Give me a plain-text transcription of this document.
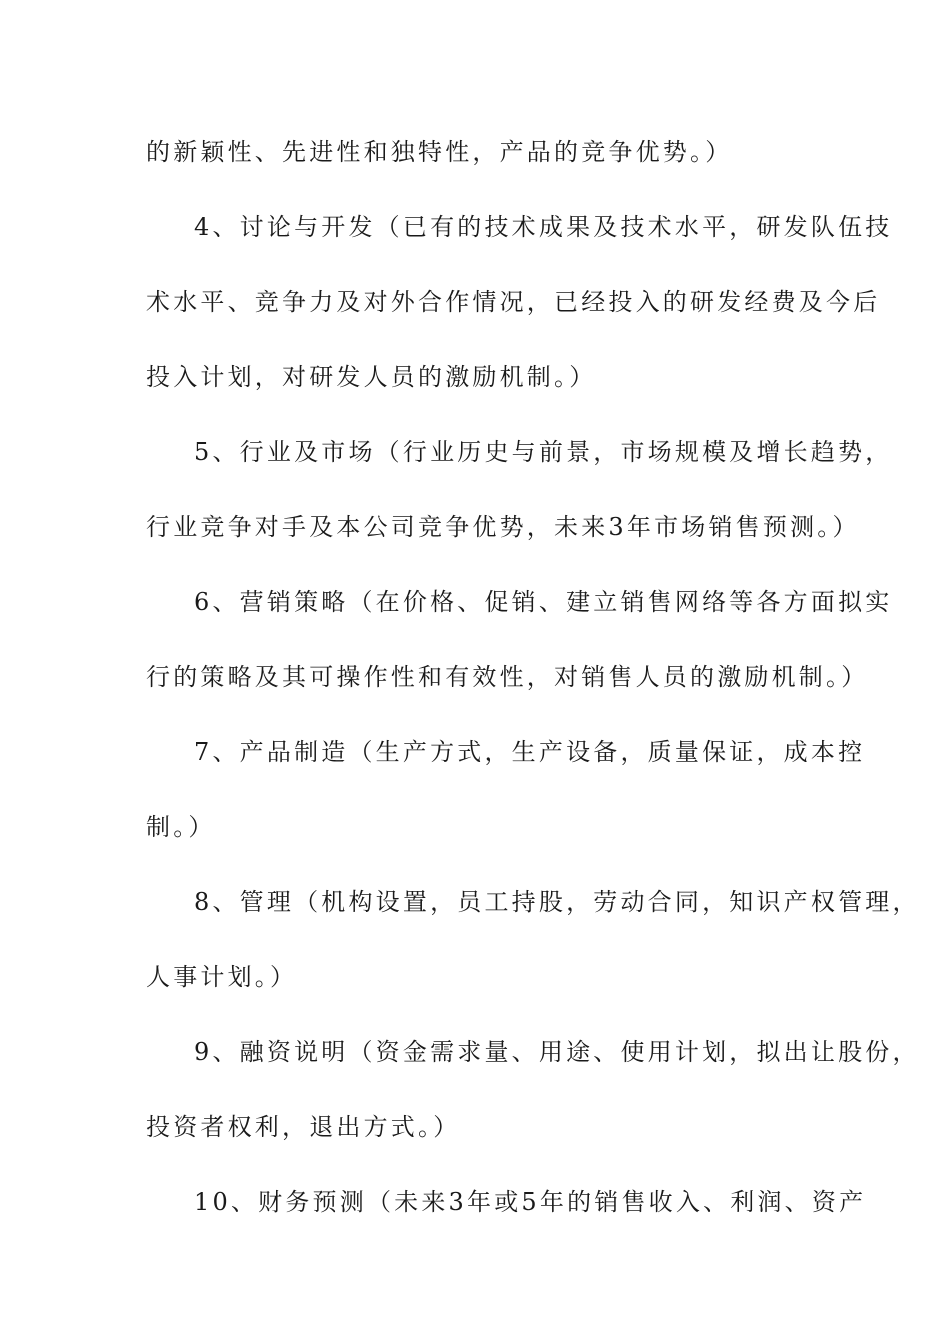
的新颖性、先进性和独特性，产品的竞争优势。）
4、讨论与开发（已有的技术成果及技术水平，研发队伍技
术水平、竞争力及对外合作情况，已经投入的研发经费及今后
投入计划，对研发人员的激励机制。）
5、行业及市场（行业历史与前景，市场规模及增长趋势，
行业竞争对手及本公司竞争优势，未来3年市场销售预测。）
6、营销策略（在价格、促销、建立销售网络等各方面拟实
行的策略及其可操作性和有效性，对销售人员的激励机制。）
7、产品制造（生产方式，生产设备，质量保证，成本控
制。）
8、管理（机构设置，员工持股，劳动合同，知识产权管理，
人事计划。）
9、融资说明（资金需求量、用途、使用计划，拟出让股份，
投资者权利，退出方式。）
10、财务预测（未来3年或5年的销售收入、利润、资产
